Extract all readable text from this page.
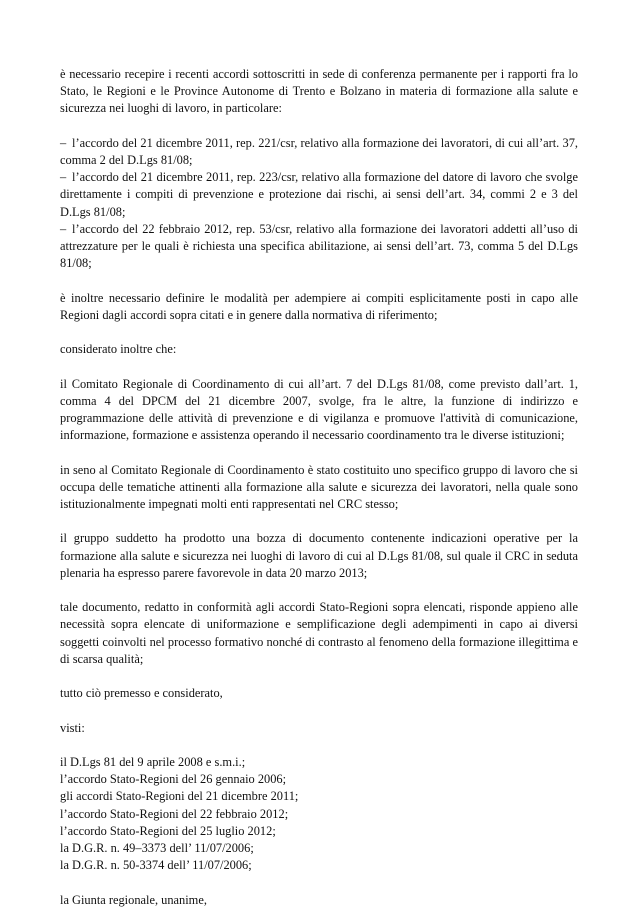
è necessario recepire i recenti accordi sottoscritti in sede di conferenza permanente per i rapporti fra lo Stato, le Regioni e le Province Autonome di Trento e Bolzano in materia di formazione alla salute e sicurezza nei luoghi di lavoro, in particolare:

– l’accordo del 21 dicembre 2011, rep. 221/csr, relativo alla formazione dei lavoratori, di cui all’art. 37, comma 2 del D.Lgs 81/08;
– l’accordo del 21 dicembre 2011, rep. 223/csr, relativo alla formazione del datore di lavoro che svolge direttamente i compiti di prevenzione e protezione dai rischi, ai sensi dell’art. 34, commi 2 e 3 del D.Lgs 81/08;
– l’accordo del 22 febbraio 2012, rep. 53/csr, relativo alla formazione dei lavoratori addetti all’uso di attrezzature per le quali è richiesta una specifica abilitazione, ai sensi dell’art. 73, comma 5 del D.Lgs 81/08;

è inoltre necessario definire le modalità per adempiere ai compiti esplicitamente posti in capo alle Regioni dagli accordi sopra citati e in genere dalla normativa di riferimento;

considerato inoltre che:

il Comitato Regionale di Coordinamento di cui all’art. 7 del D.Lgs 81/08, come previsto dall’art. 1, comma 4 del DPCM del 21 dicembre 2007, svolge, fra le altre, la funzione di indirizzo e programmazione delle attività di prevenzione e di vigilanza e promuove l'attività di comunicazione, informazione, formazione e assistenza operando il necessario coordinamento tra le diverse istituzioni;

in seno al Comitato Regionale di Coordinamento è stato costituito uno specifico gruppo di lavoro che si occupa delle tematiche attinenti alla formazione alla salute e sicurezza dei lavoratori, nella quale sono istituzionalmente impegnati molti enti rappresentati nel CRC stesso;

il gruppo suddetto ha prodotto una bozza di documento contenente indicazioni operative per la formazione alla salute e sicurezza nei luoghi di lavoro di cui al D.Lgs 81/08, sul quale il CRC in seduta plenaria ha espresso parere favorevole in data 20 marzo 2013;

tale documento, redatto in conformità agli accordi Stato-Regioni sopra elencati, risponde appieno alle necessità sopra elencate di uniformazione e semplificazione degli adempimenti in capo ai diversi soggetti coinvolti nel processo formativo nonché di contrasto al fenomeno della formazione illegittima e di scarsa qualità;

tutto ciò premesso e considerato,

visti:

il D.Lgs 81 del 9 aprile 2008 e s.m.i.;
l’accordo Stato-Regioni del 26 gennaio 2006;
gli accordi Stato-Regioni del 21 dicembre 2011;
l’accordo Stato-Regioni del 22 febbraio 2012;
l’accordo Stato-Regioni del 25 luglio 2012;
la D.G.R. n. 49–3373 dell’ 11/07/2006;
la D.G.R. n. 50-3374 dell’ 11/07/2006;

la Giunta regionale, unanime,
